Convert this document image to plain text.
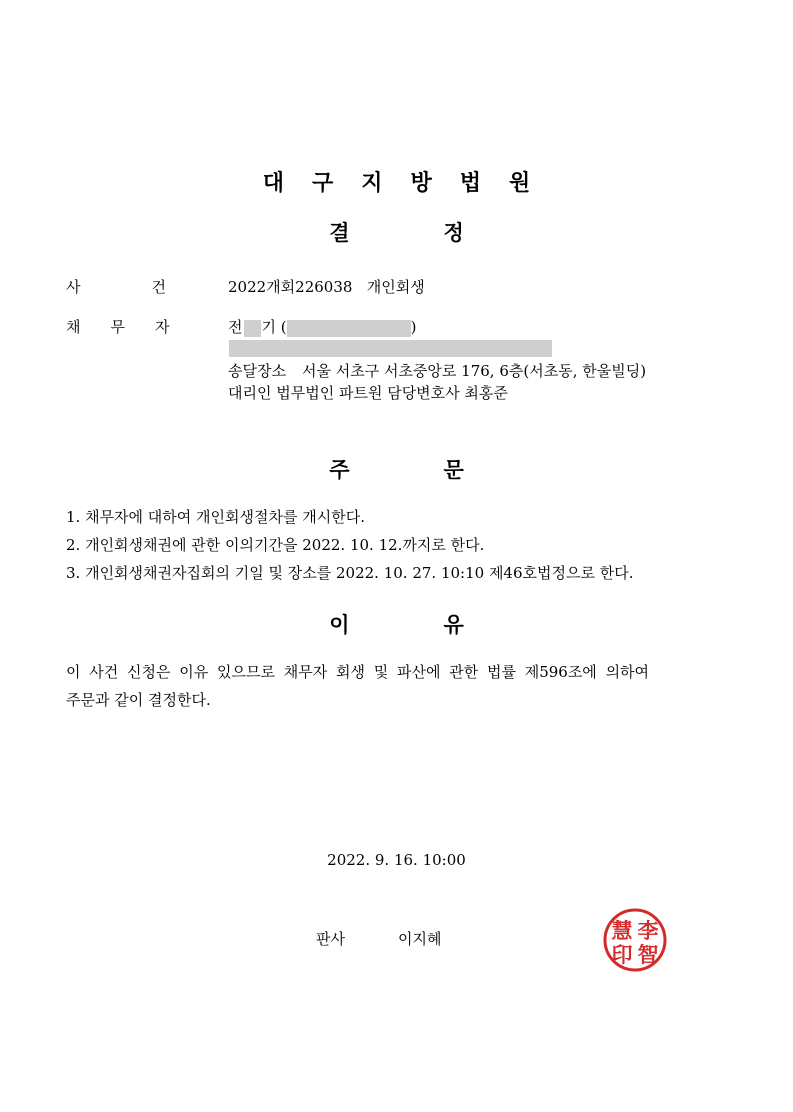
대 구 지 방 법 원
결	정
사	건	2022개회226038   개인회생
채 무 자	전 기 (	)
송달장소 서울 서초구 서초중앙로 176, 6층(서초동, 한울빌딩)
대리인 법무법인 파트원 담당변호사 최홍준
주	문
1. 채무자에 대하여 개인회생절차를 개시한다.
2. 개인회생채권에 관한 이의기간을 2022. 10. 12.까지로 한다.
3. 개인회생채권자집회의 기일 및 장소를 2022. 10. 27. 10:10 제46호법정으로 한다.
이	유
이 사건 신청은 이유 있으므로 채무자 회생 및 파산에 관한 법률 제596조에 의하여
주문과 같이 결정한다.
2022. 9. 16. 10:00
판사	이지혜	李
智
慧
印
